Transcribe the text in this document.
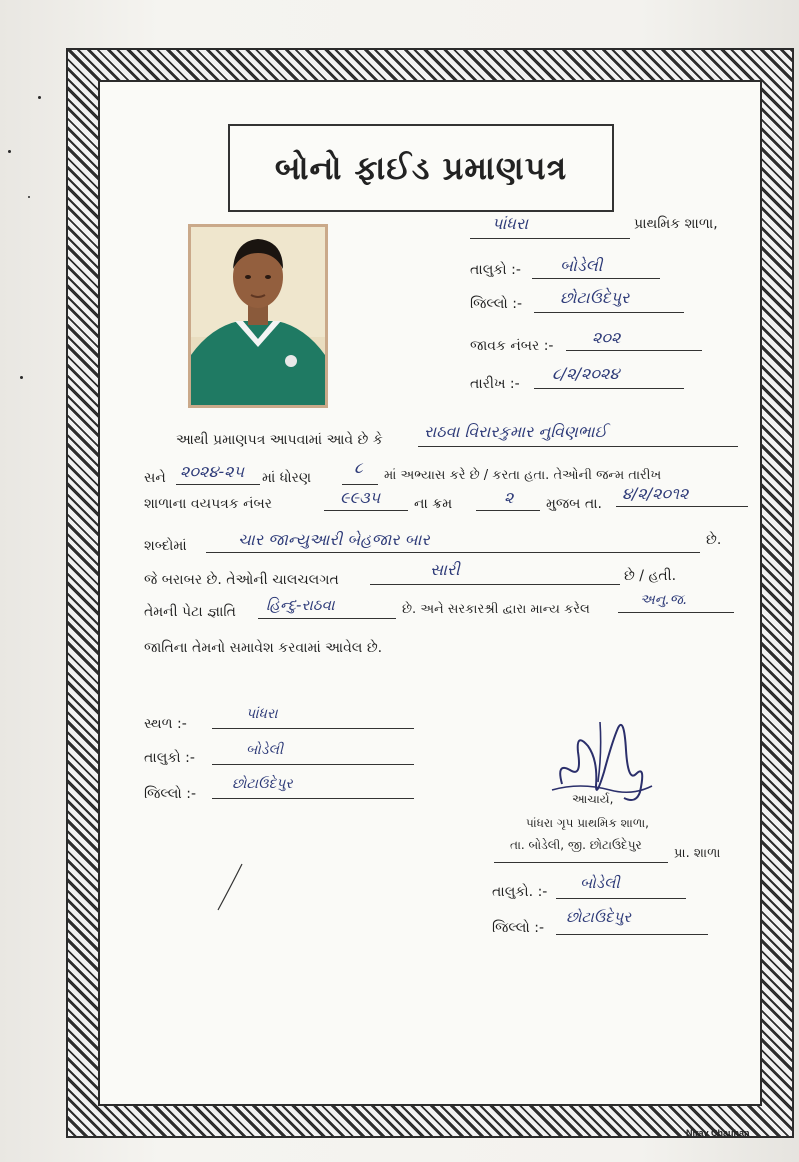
બોનો ફાઈડ પ્રમાણપત્ર
પાંધરા	પ્રાથમિક શાળા,
તાલુકો :- બોડેલી
જિલ્લો :- છોટાઉદેપુર
જાવક નંબર :- ૨૦૨
તારીખ :-
૮/૨/૨૦૨૪
આથી પ્રમાણપત્ર આપવામાં આવે છે કે	રાઠવા વિરારકુમાર નુવિણભાઈ
સને ૨૦૨૪-૨૫ માં ધોરણ
૮ માં અભ્યાસ કરે છે / કરતા હતા. તેઓની જન્મ તારીખ
શાળાના વયપત્રક નંબર	૯૯૩૫ ના ક્રમ	૨ મુજબ તા.
૪/૨/૨૦૧૨
શબ્દોમાં	ચાર જાન્યુઆરી બેહજાર બાર	છે.
જે બરાબર છે. તેઓની ચાલચલગત
સારી	છે / હતી.
તેમની પેટા જ્ઞાતિ હિન્દુ-રાઠવા	છે. અને સરકારશ્રી દ્વારા માન્ય કરેલ
અનુ.જ.
જાતિના તેમનો સમાવેશ કરવામાં આવેલ છે.
સ્થળ :-
પાંધરા
તાલુકો :-	બોડેલી
જિલ્લો :-
છોટાઉદેપુર
આચાર્ય,
પાંધરા ગૃપ પ્રાથમિક શાળા,
તા. બોડેલી, જી. છોટાઉદેપુર
પ્રા. શાળા
તાલુકો. :- બોડેલી
જિલ્લો :-
છોટાઉદેપુર
Nirav Chauhan
